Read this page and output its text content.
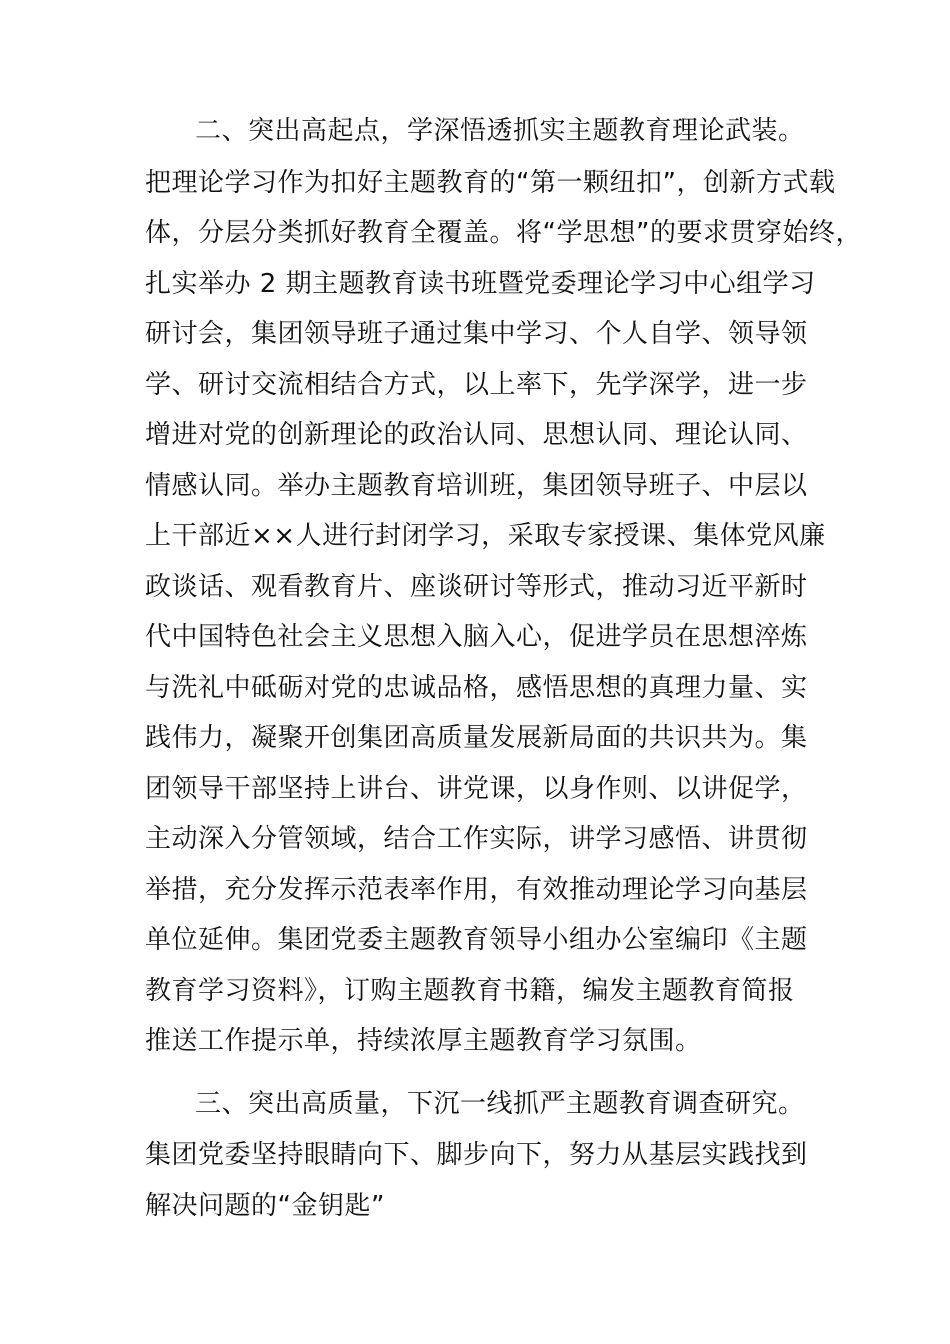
二、突出高起点，学深悟透抓实主题教育理论武装。
把理论学习作为扣好主题教育的“第一颗纽扣”，创新方式载
体，分层分类抓好教育全覆盖。将“学思想”的要求贯穿始终，
扎实举办 2 期主题教育读书班暨党委理论学习中心组学习
研讨会，集团领导班子通过集中学习、个人自学、领导领
学、研讨交流相结合方式，以上率下，先学深学，进一步
增进对党的创新理论的政治认同、思想认同、理论认同、
情感认同。举办主题教育培训班，集团领导班子、中层以
上干部近××人进行封闭学习，采取专家授课、集体党风廉
政谈话、观看教育片、座谈研讨等形式，推动习近平新时
代中国特色社会主义思想入脑入心，促进学员在思想淬炼
与洗礼中砥砺对党的忠诚品格，感悟思想的真理力量、实
践伟力，凝聚开创集团高质量发展新局面的共识共为。集
团领导干部坚持上讲台、讲党课，以身作则、以讲促学，
主动深入分管领域，结合工作实际，讲学习感悟、讲贯彻
举措，充分发挥示范表率作用，有效推动理论学习向基层
单位延伸。集团党委主题教育领导小组办公室编印《主题
教育学习资料》，订购主题教育书籍，编发主题教育简报
推送工作提示单，持续浓厚主题教育学习氛围。
三、突出高质量，下沉一线抓严主题教育调查研究。
集团党委坚持眼睛向下、脚步向下，努力从基层实践找到
解决问题的“金钥匙”
